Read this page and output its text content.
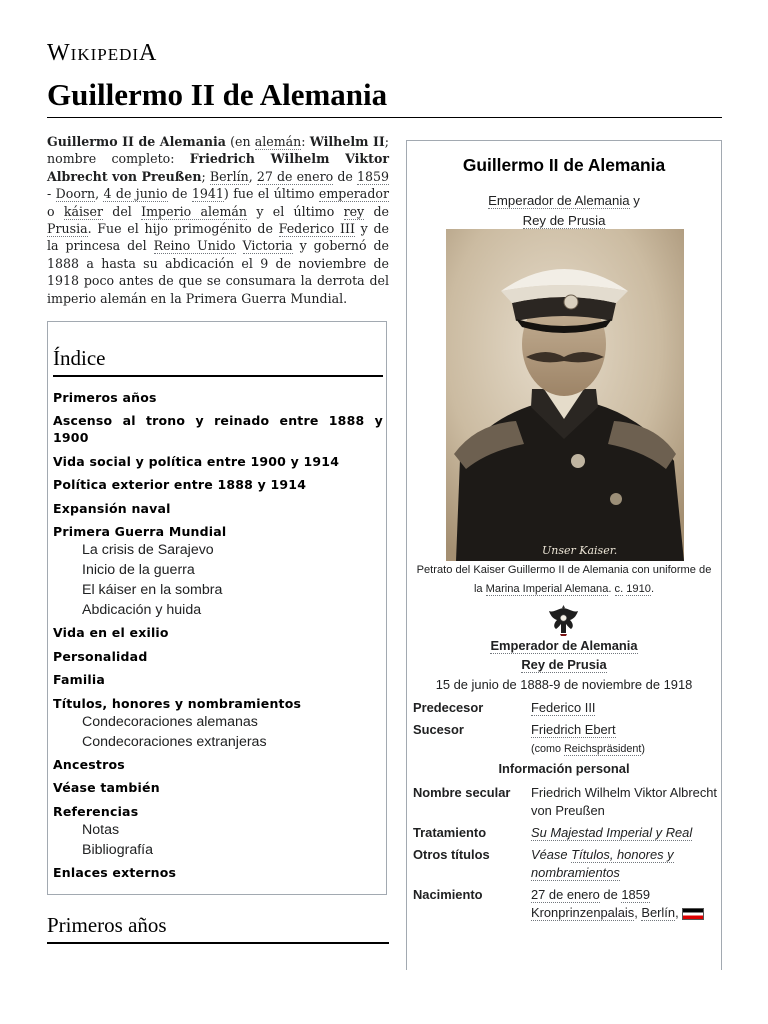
WIKIPEDIA
Guillermo II de Alemania
Guillermo II de Alemania (en alemán: Wilhelm II; nombre completo: Friedrich Wilhelm Viktor Albrecht von Preußen; Berlín, 27 de enero de 1859 - Doorn, 4 de junio de 1941) fue el último emperador o káiser del Imperio alemán y el último rey de Prusia. Fue el hijo primogénito de Federico III y de la princesa del Reino Unido Victoria y gobernó de 1888 a hasta su abdicación el 9 de noviembre de 1918 poco antes de que se consumara la derrota del imperio alemán en la Primera Guerra Mundial.
Índice
Primeros años
Ascenso al trono y reinado entre 1888 y 1900
Vida social y política entre 1900 y 1914
Política exterior entre 1888 y 1914
Expansión naval
Primera Guerra Mundial
La crisis de Sarajevo
Inicio de la guerra
El káiser en la sombra
Abdicación y huida
Vida en el exilio
Personalidad
Familia
Títulos, honores y nombramientos
Condecoraciones alemanas
Condecoraciones extranjeras
Ancestros
Véase también
Referencias
Notas
Bibliografía
Enlaces externos
Primeros años
Guillermo II de Alemania
Emperador de Alemania y
Rey de Prusia
Unser Kaiser.
Petrato del Kaiser Guillermo II de Alemania con uniforme de la Marina Imperial Alemana. c. 1910.
Emperador de Alemania
Rey de Prusia
15 de junio de 1888-9 de noviembre de 1918
Predecesor	Federico III
Sucesor	Friedrich Ebert
(como Reichspräsident)
Información personal
Nombre secular	Friedrich Wilhelm Viktor Albrecht von Preußen
Tratamiento	Su Majestad Imperial y Real
Otros títulos	Véase Títulos, honores y nombramientos
Nacimiento	27 de enero de 1859
Kronprinzenpalais, Berlín,
